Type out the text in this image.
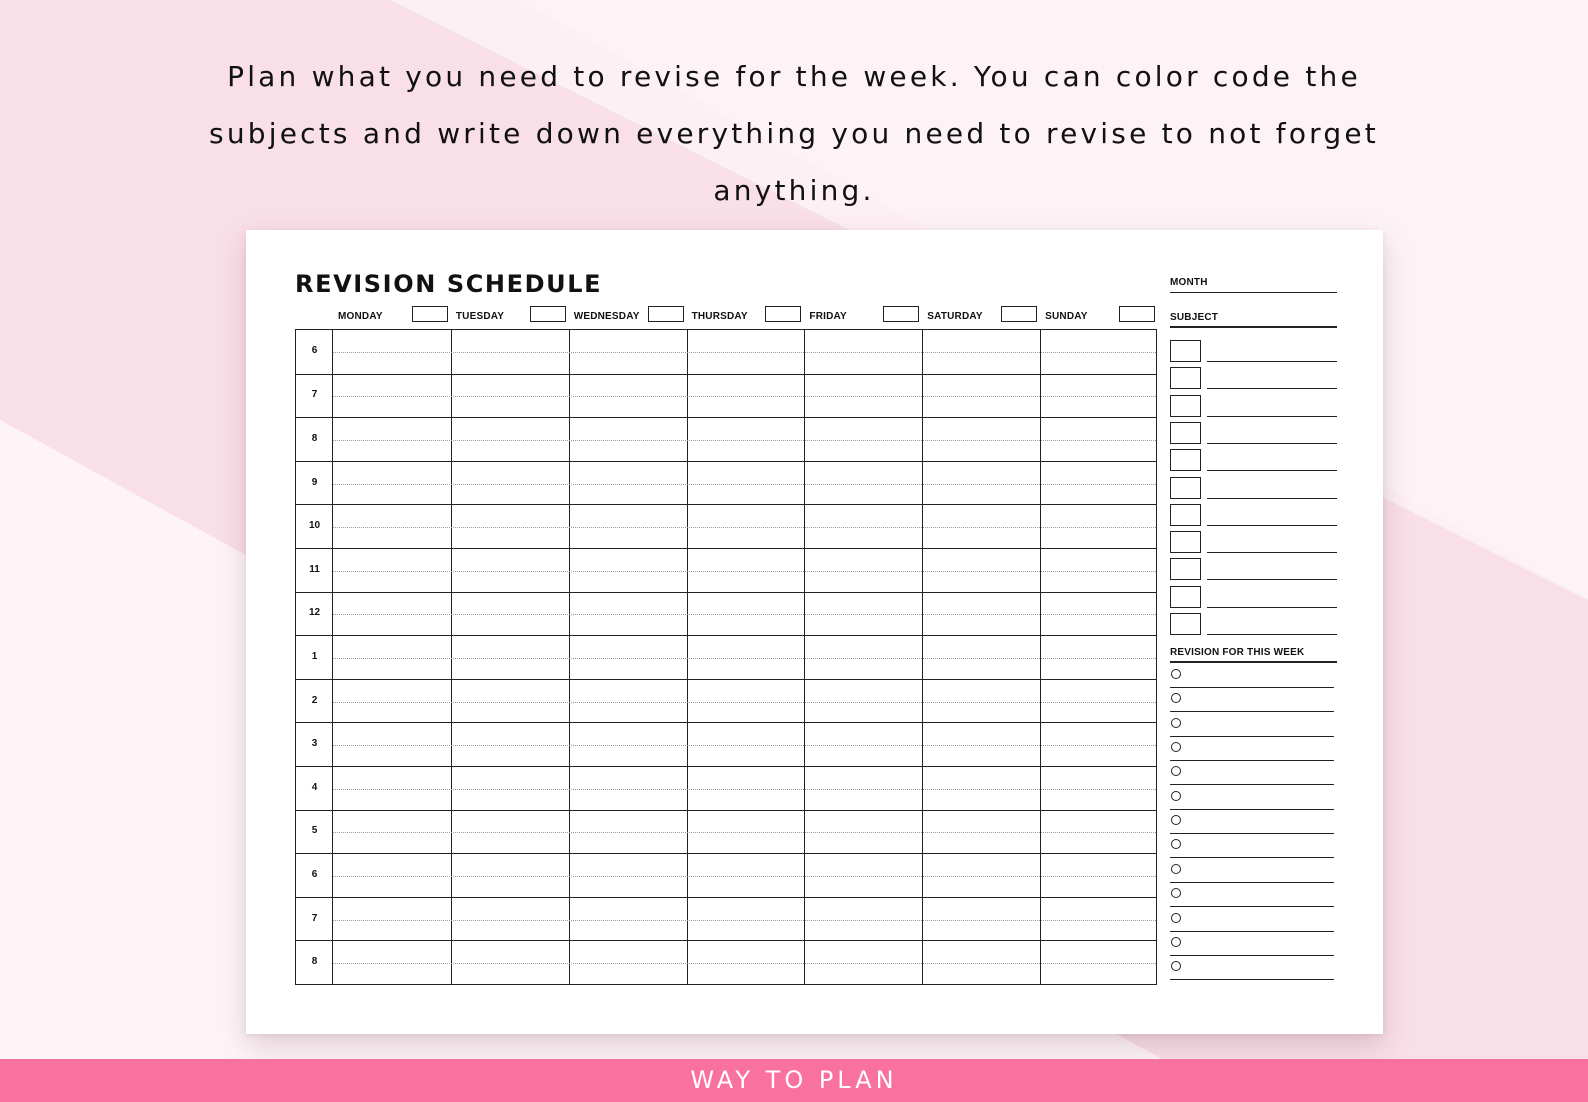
Plan what you need to revise for the week. You can color code the subjects and write down everything you need to revise to not forget anything.
REVISION SCHEDULE
MONDAY	TUESDAY	WEDNESDAY	THURSDAY	FRIDAY	SATURDAY	SUNDAY
6
7
8
9
10
11
12
1
2
3
4
5
6
7
8
MONTH
SUBJECT
REVISION FOR THIS WEEK
WAY TO PLAN
